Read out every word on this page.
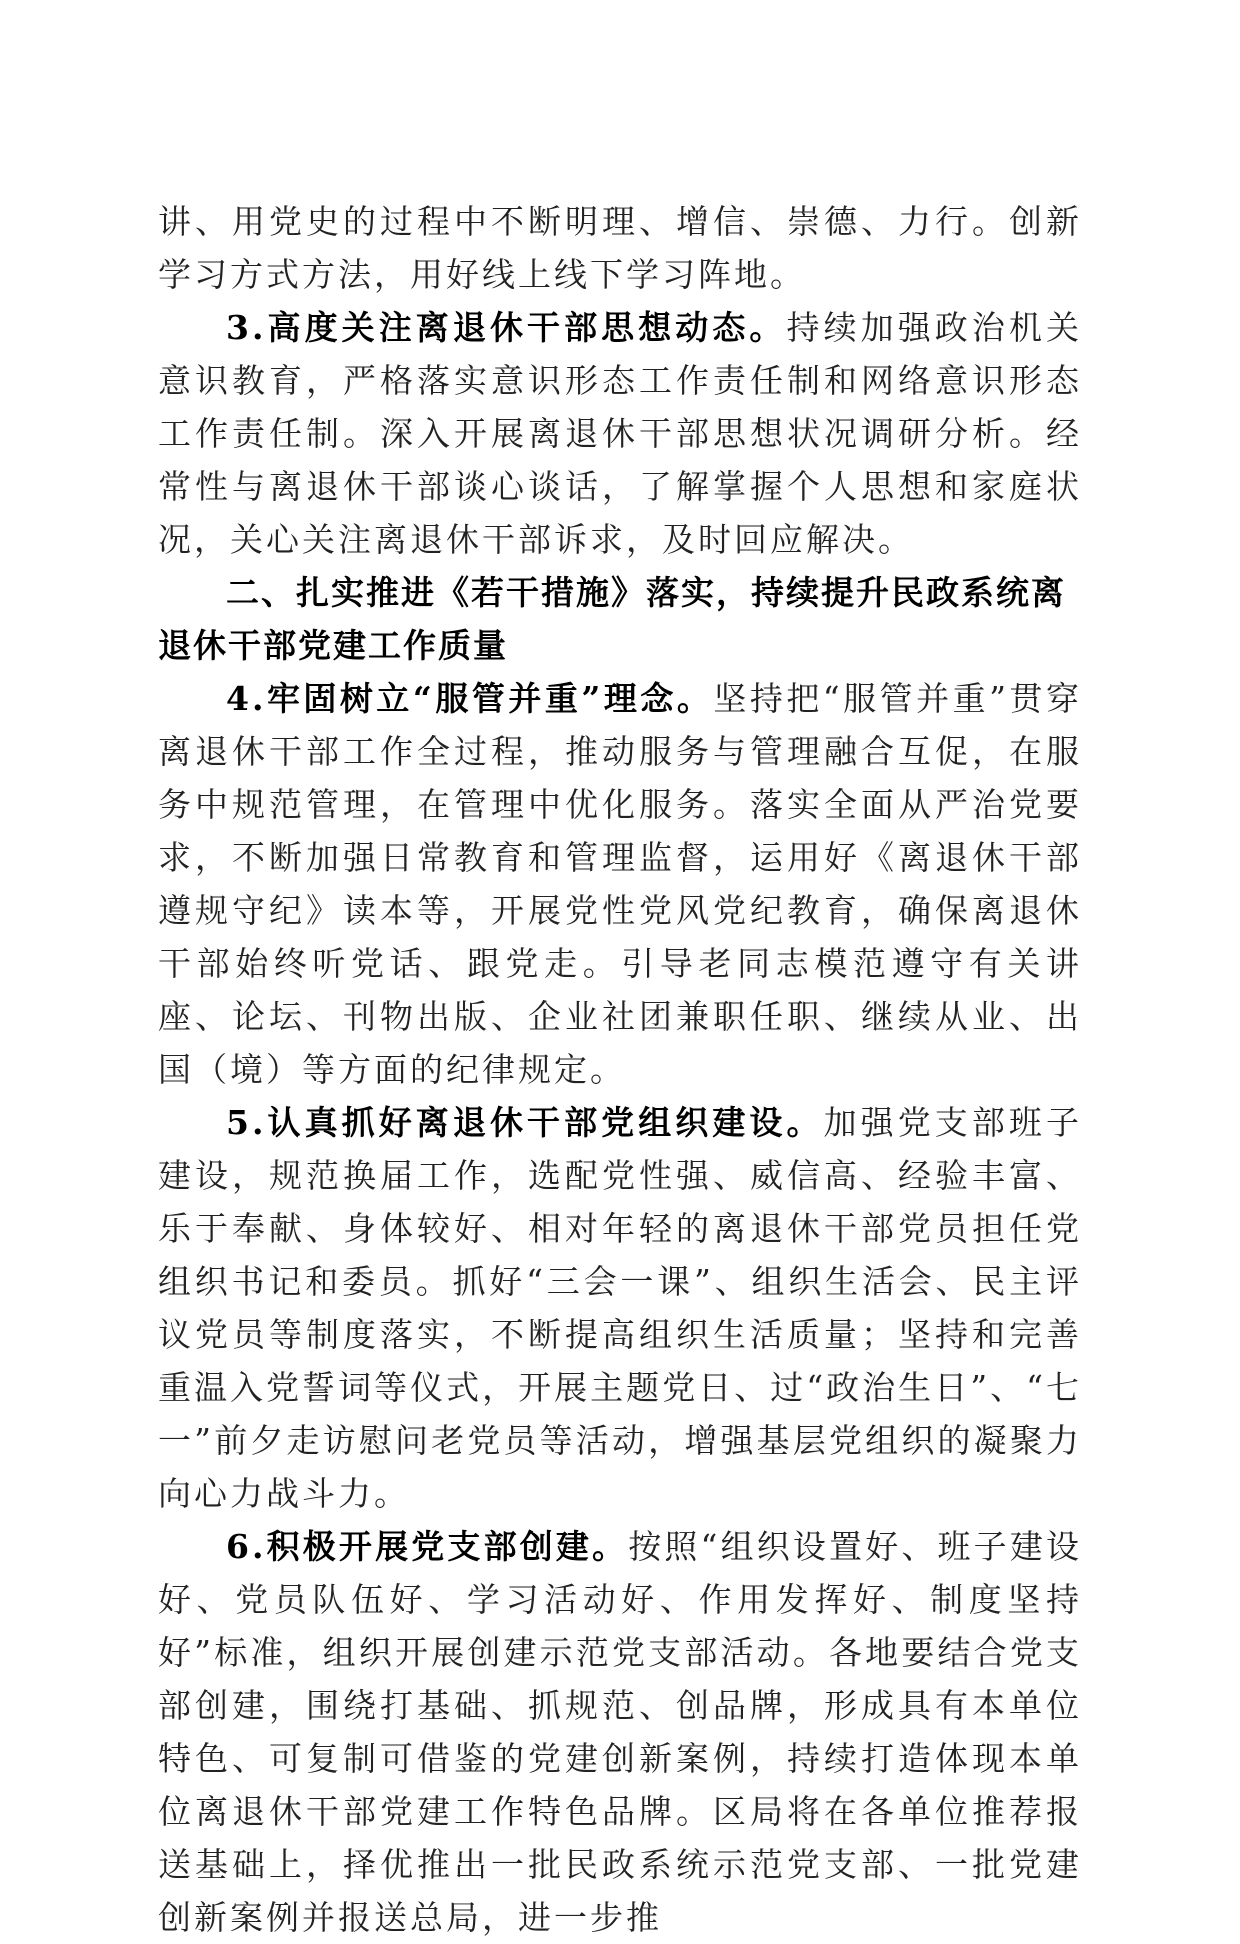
讲、用党史的过程中不断明理、增信、崇德、力行。创新学习方式方法，用好线上线下学习阵地。

3.高度关注离退休干部思想动态。持续加强政治机关意识教育，严格落实意识形态工作责任制和网络意识形态工作责任制。深入开展离退休干部思想状况调研分析。经常性与离退休干部谈心谈话，了解掌握个人思想和家庭状况，关心关注离退休干部诉求，及时回应解决。

二、扎实推进《若干措施》落实，持续提升民政系统离退休干部党建工作质量

4.牢固树立“服管并重”理念。坚持把“服管并重”贯穿离退休干部工作全过程，推动服务与管理融合互促，在服务中规范管理，在管理中优化服务。落实全面从严治党要求，不断加强日常教育和管理监督，运用好《离退休干部遵规守纪》读本等，开展党性党风党纪教育，确保离退休干部始终听党话、跟党走。引导老同志模范遵守有关讲座、论坛、刊物出版、企业社团兼职任职、继续从业、出国（境）等方面的纪律规定。

5.认真抓好离退休干部党组织建设。加强党支部班子建设，规范换届工作，选配党性强、威信高、经验丰富、乐于奉献、身体较好、相对年轻的离退休干部党员担任党组织书记和委员。抓好“三会一课”、组织生活会、民主评议党员等制度落实，不断提高组织生活质量；坚持和完善重温入党誓词等仪式，开展主题党日、过“政治生日”、“七一”前夕走访慰问老党员等活动，增强基层党组织的凝聚力向心力战斗力。

6.积极开展党支部创建。按照“组织设置好、班子建设好、党员队伍好、学习活动好、作用发挥好、制度坚持好”标准，组织开展创建示范党支部活动。各地要结合党支部创建，围绕打基础、抓规范、创品牌，形成具有本单位特色、可复制可借鉴的党建创新案例，持续打造体现本单位离退休干部党建工作特色品牌。区局将在各单位推荐报送基础上，择优推出一批民政系统示范党支部、一批党建创新案例并报送总局，进一步推
